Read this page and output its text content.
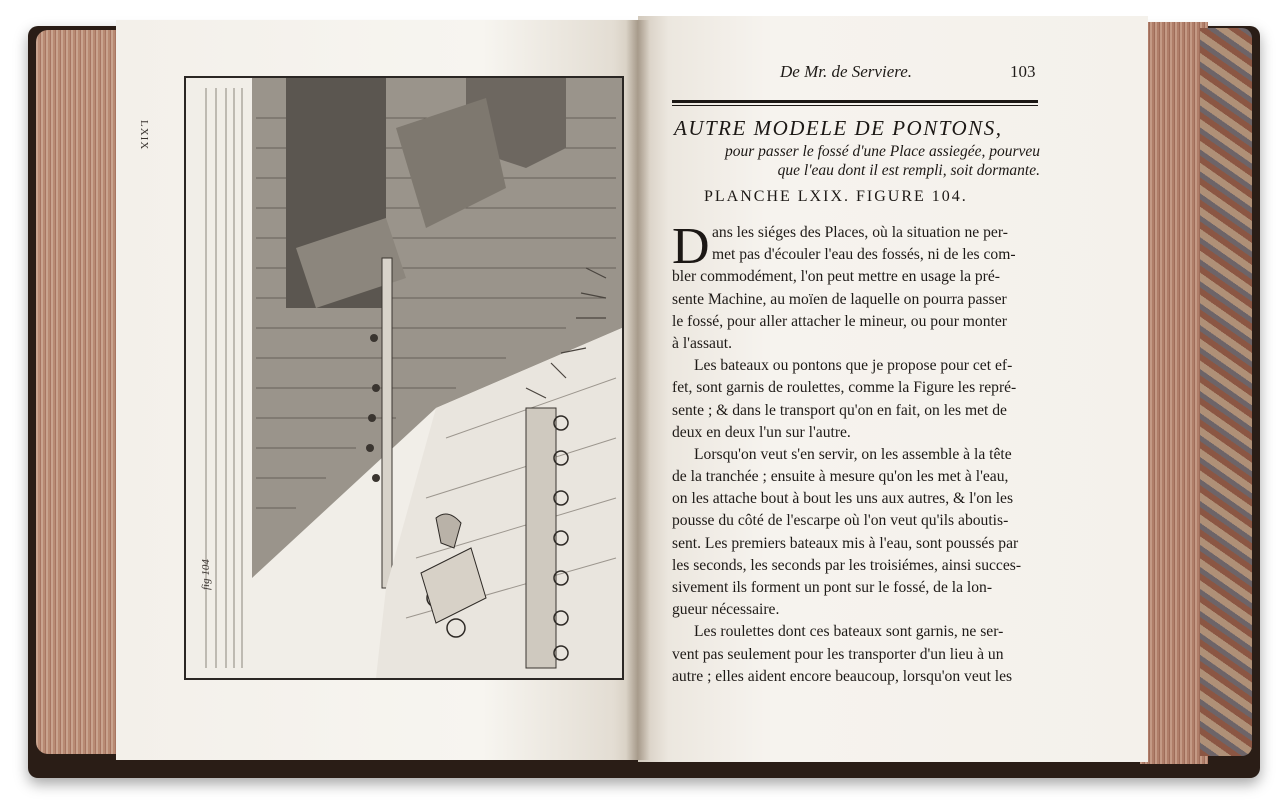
LXIX
fig 104
De Mr. de Serviere.	103
AUTRE MODELE DE PONTONS,
pour passer le fossé d'une Place assiegée, pourveu
que l'eau dont il est rempli, soit dormante.
PLANCHE LXIX. FIGURE 104.
D ans les siéges des Places, où la situation ne per-
met pas d'écouler l'eau des fossés, ni de les com-
bler commodément, l'on peut mettre en usage la pré-
sente Machine, au moïen de laquelle on pourra passer
le fossé, pour aller attacher le mineur, ou pour monter
à l'assaut.
Les bateaux ou pontons que je propose pour cet ef-
fet, sont garnis de roulettes, comme la Figure les repré-
sente ; & dans le transport qu'on en fait, on les met de
deux en deux l'un sur l'autre.
Lorsqu'on veut s'en servir, on les assemble à la tête
de la tranchée ; ensuite à mesure qu'on les met à l'eau,
on les attache bout à bout les uns aux autres, & l'on les
pousse du côté de l'escarpe où l'on veut qu'ils aboutis-
sent. Les premiers bateaux mis à l'eau, sont poussés par
les seconds, les seconds par les troisiémes, ainsi succes-
sivement ils forment un pont sur le fossé, de la lon-
gueur nécessaire.
Les roulettes dont ces bateaux sont garnis, ne ser-
vent pas seulement pour les transporter d'un lieu à un
autre ; elles aident encore beaucoup, lorsqu'on veut les
